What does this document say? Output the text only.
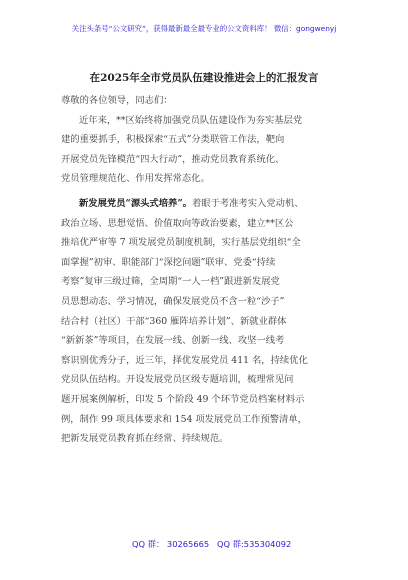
关注头条号“公文研究”，获得最新最全最专业的公文资料库！ 微信：gongwenyj
在2025年全市党员队伍建设推进会上的汇报发言
尊敬的各位领导，同志们：
近年来，**区始终将加强党员队伍建设作为夯实基层党
建的重要抓手，积极探索“五式”分类联管工作法，靶向
开展党员先锋模范“四大行动”，推动党员教育系统化、
党员管理规范化、作用发挥常态化。
新发展党员“源头式培养”。着眼于考准考实入党动机、
政治立场、思想觉悟、价值取向等政治要素，建立**区公
推培优严审等 7 项发展党员制度机制，实行基层党组织“全
面掌握”初审、职能部门“深挖问题”联审、党委“持续
考察”复审三级过筛，全周期“一人一档”跟进新发展党
员思想动态、学习情况，确保发展党员不含一粒“沙子”
结合村（社区）干部“360 雁阵培养计划”、新就业群体
“新新茶”等项目，在发展一线、创新一线、攻坚一线考
察识别优秀分子，近三年，择优发展党员 411 名，持续优化
党员队伍结构。开设发展党员区级专题培训，梳理常见问
题开展案例解析，印发 5 个阶段 49 个环节党员档案材料示
例，制作 99 项具体要求和 154 项发展党员工作预警清单，
把新发展党员教育抓在经常、持续规范。
QQ 群： 30265665 QQ 群:535304092
